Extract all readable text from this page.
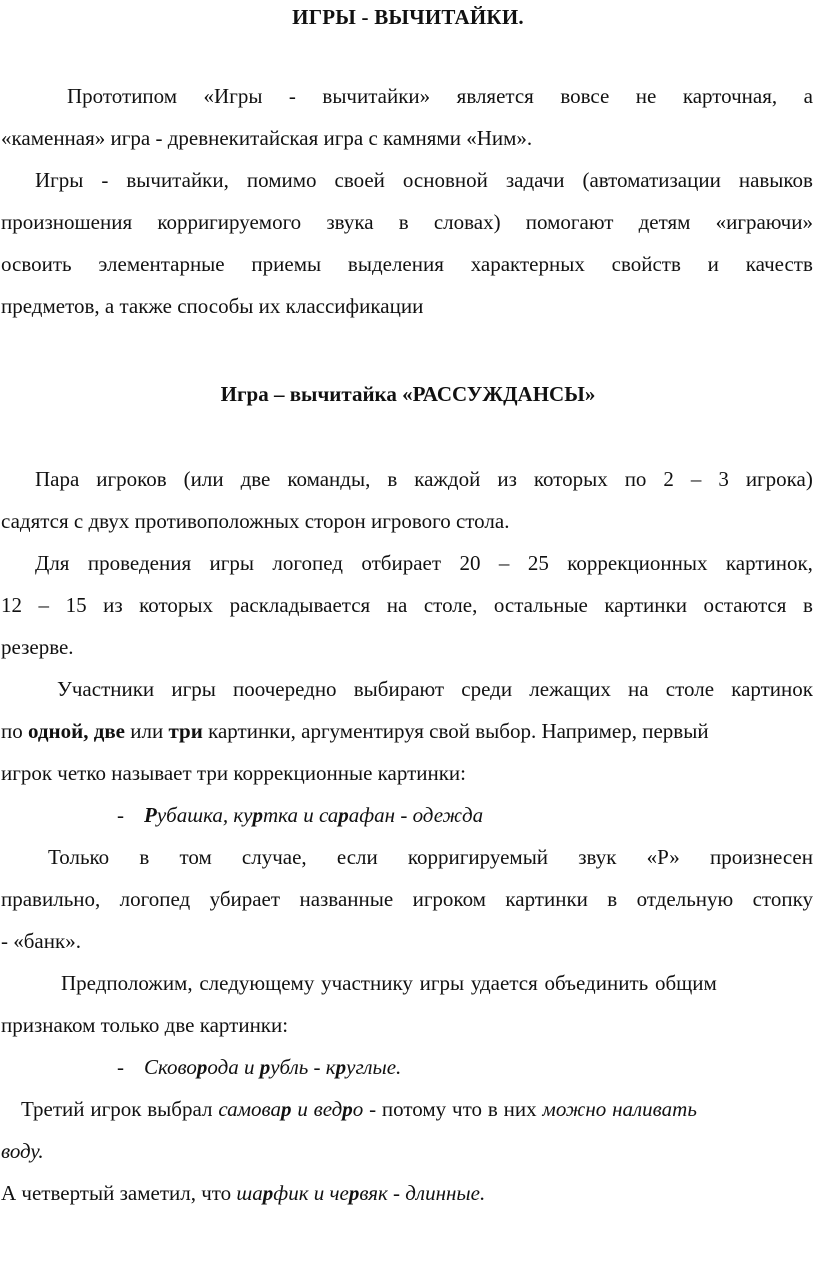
ИГРЫ - ВЫЧИТАЙКИ.
Прототипом «Игры - вычитайки» является вовсе не карточная, а
«каменная» игра - древнекитайская игра с камнями «Ним».
Игры - вычитайки, помимо своей основной задачи (автоматизации навыков
произношения корригируемого звука в словах) помогают детям «играючи»
освоить элементарные приемы выделения характерных свойств и качеств
предметов, а также способы их классификации
Игра – вычитайка «РАССУЖДАНСЫ»
Пара игроков (или две команды, в каждой из которых по 2 – 3 игрока)
садятся с двух противоположных сторон игрового стола.
Для проведения игры логопед отбирает 20 – 25 коррекционных картинок,
12 – 15 из которых раскладывается на столе, остальные картинки остаются в
резерве.
Участники игры поочередно выбирают среди лежащих на столе картинок
по одной, две или три картинки, аргументируя свой выбор. Например, первый
игрок четко называет три коррекционные картинки:
- Рубашка, куртка и сарафан - одежда
Только в том случае, если корригируемый звук «Р» произнесен
правильно, логопед убирает названные игроком картинки в отдельную стопку
- «банк».
Предположим, следующему участнику игры удается объединить общим
признаком только две картинки:
- Сковорода и рубль - круглые.
Третий игрок выбрал самовар и ведро - потому что в них можно наливать
воду.
А четвертый заметил, что шарфик и червяк - длинные.
